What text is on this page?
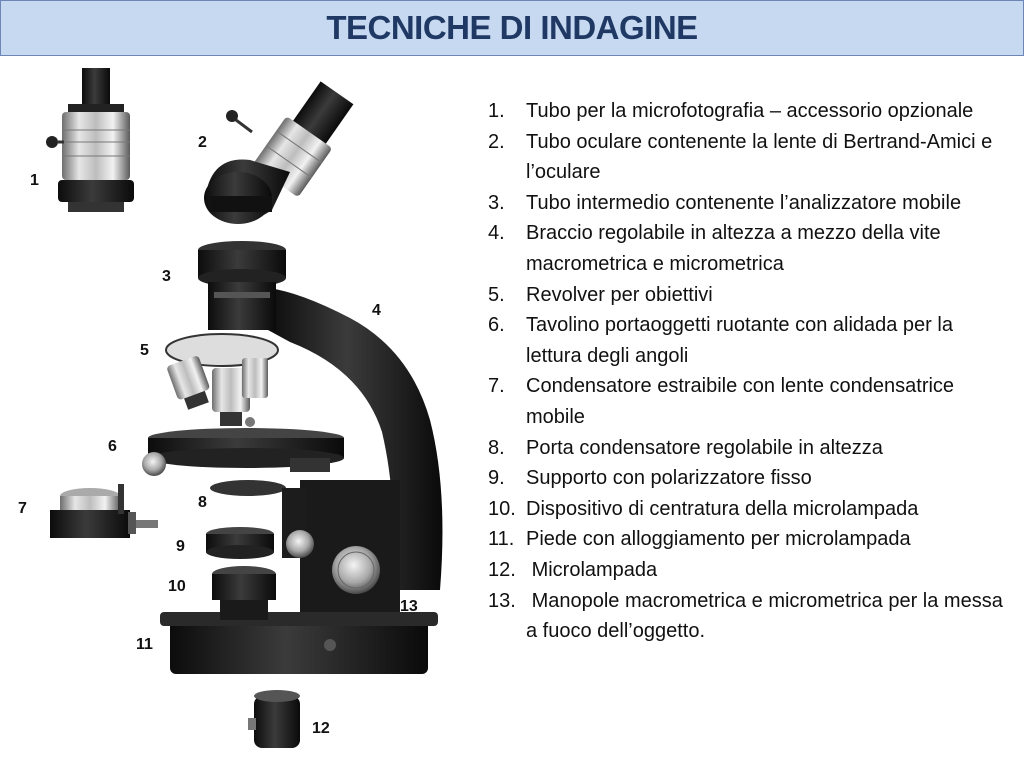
TECNICHE DI INDAGINE
1
2
3
4
5
6
7	8
9
10
11
12
13
1.	Tubo per la microfotografia – accessorio opzionale
2.	Tubo oculare contenente la lente di Bertrand-Amici e l’oculare
3.	Tubo intermedio contenente l’analizzatore mobile
4.	Braccio regolabile in altezza a mezzo della vite  macrometrica e micrometrica
5.	Revolver per obiettivi
6.	Tavolino portaoggetti ruotante con alidada per la lettura degli angoli
7.	Condensatore estraibile con lente condensatrice mobile
8.	Porta condensatore regolabile in altezza
9.	Supporto con polarizzatore fisso
10. Dispositivo di centratura della microlampada
11. Piede con alloggiamento per microlampada
12. Microlampada
13. Manopole macrometrica e micrometrica per la messa a fuoco dell’oggetto.
